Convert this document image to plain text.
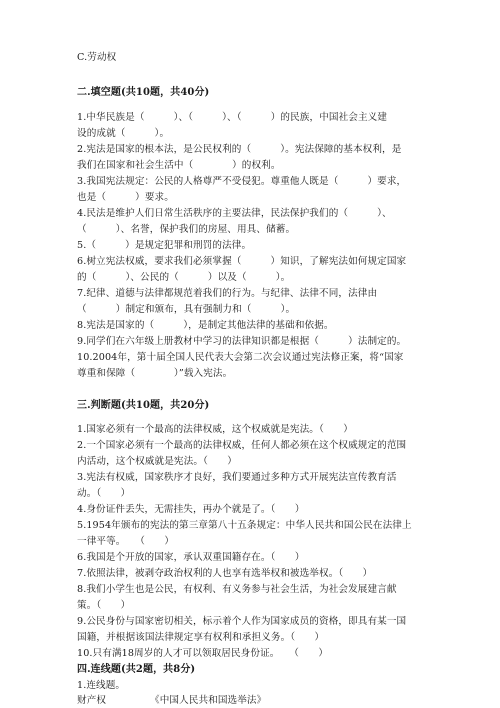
C.劳动权
二.填空题(共10题，共40分)
1.中华民族是（　　　）、（　　　）、（　　　）的民族，中国社会主义建
设的成就（　　　）。
2.宪法是国家的根本法，是公民权利的（　　　）。宪法保障的基本权利，是
我们在国家和社会生活中（　　　　）的权利。
3.我国宪法规定：公民的人格尊严不受侵犯。尊重他人既是（　　　）要求，
也是（　　　）要求。
4.民法是维护人们日常生活秩序的主要法律，民法保护我们的（　　　）、
（　　　）、名誉，保护我们的房屋、用具、储蓄。
5.（　　　）是规定犯罪和刑罚的法律。
6.树立宪法权威，要求我们必须掌握（　　　）知识，了解宪法如何规定国家
的（　　　）、公民的（　　　）以及（　　　）。
7.纪律、道德与法律都规范着我们的行为。与纪律、法律不同，法律由
（　　　）制定和颁布，具有强制力和（　　　）。
8.宪法是国家的（　　　），是制定其他法律的基础和依据。
9.同学们在六年级上册教材中学习的法律知识都是根据（　　　）法制定的。
10.2004年，第十届全国人民代表大会第二次会议通过宪法修正案，将“国家
尊重和保障（　　　　）”载入宪法。
三.判断题(共10题，共20分)
1.国家必须有一个最高的法律权威，这个权威就是宪法。（　　）
2.一个国家必须有一个最高的法律权威，任何人都必须在这个权威规定的范围
内活动，这个权威就是宪法。（　　）
3.宪法有权威，国家秩序才良好，我们要通过多种方式开展宪法宣传教育活
动。（　　）
4.身份证件丢失，无需挂失，再办个就是了。（　　）
5.1954年颁布的宪法的第三章第八十五条规定：中华人民共和国公民在法律上
一律平等。　　（　　）
6.我国是个开放的国家，承认双重国籍存在。（　　）
7.依照法律，被剥夺政治权利的人也享有选举权和被选举权。（　　）
8.我们小学生也是公民，有权利、有义务参与社会生活，为社会发展建言献
策。（　　）
9.公民身份与国家密切相关，标示着个人作为国家成员的资格，即具有某一国
国籍，并根据该国法律规定享有权利和承担义务。（　　）
10.只有满18周岁的人才可以领取居民身份证。　　（　　）
四.连线题(共2题，共8分)
1.连线题。
财产权	《中国人民共和国选举法》
